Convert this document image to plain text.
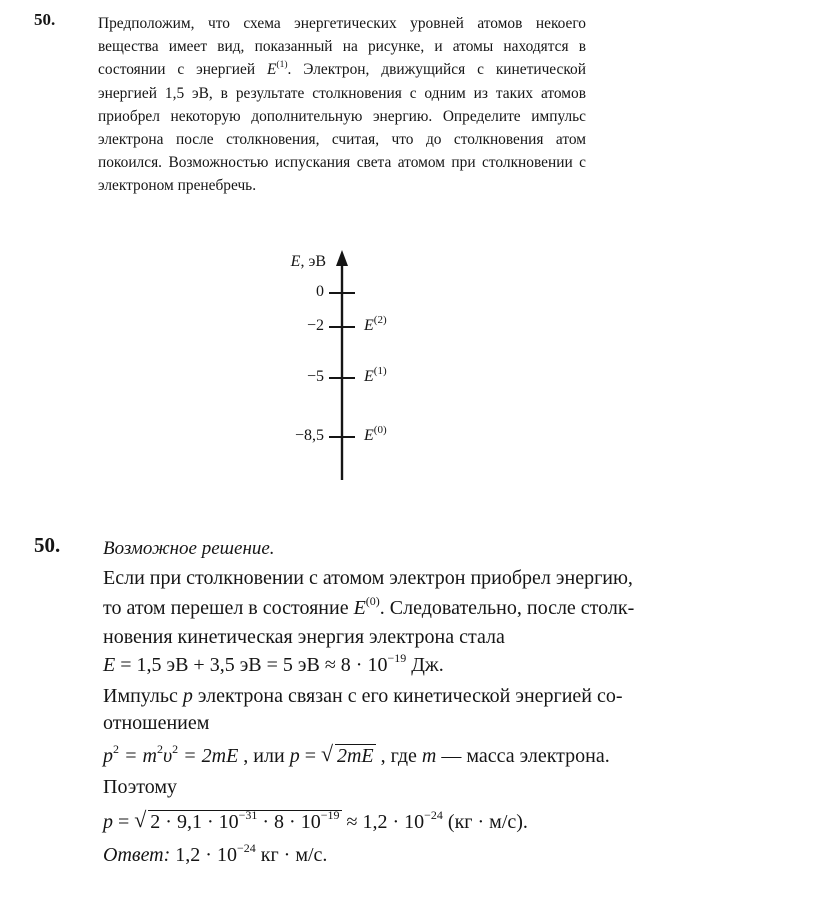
50.	Предположим, что схема энергетических уровней атомов некоего вещества имеет вид, показанный на рисунке, и атомы находятся в состоянии с энергией $E^{(1)}$. Электрон, движущийся с кинетической энергией 1,5 эВ, в результате столкновения с одним из таких атомов приобрел некоторую дополнительную энергию. Определите импульс электрона после столкновения, считая, что до столкновения атом покоился. Возможностью испускания света атомом при столкновении с электроном пренебречь.

E, эВ
0
−2
−5
−8,5
$E^{(2)}$
$E^{(1)}$
$E^{(0)}$
50. Возможное решение.
Если при столкновении с атомом электрон приобрел энергию,
то атом перешел в состояние $E^{(0)}$. Следовательно, после столк-
новения кинетическая энергия электрона стала
E = 1,5 эВ + 3,5 эВ = 5 эВ ≈ $8 \cdot 10^{-19}$ Дж.
Импульс p электрона связан с его кинетической энергией со-
отношением
$p^2 = m^2\upsilon^2 = 2mE$ , или p = √ 2mE , где m — масса электрона.
Поэтому
p = √ $2 \cdot 9,1 \cdot 10^{-31} \cdot 8 \cdot 10^{-19} \approx 1,2 \cdot 10^{-24}$ (кг · м/с).
Ответ: $1,2 \cdot 10^{-24}$ кг · м/с.
